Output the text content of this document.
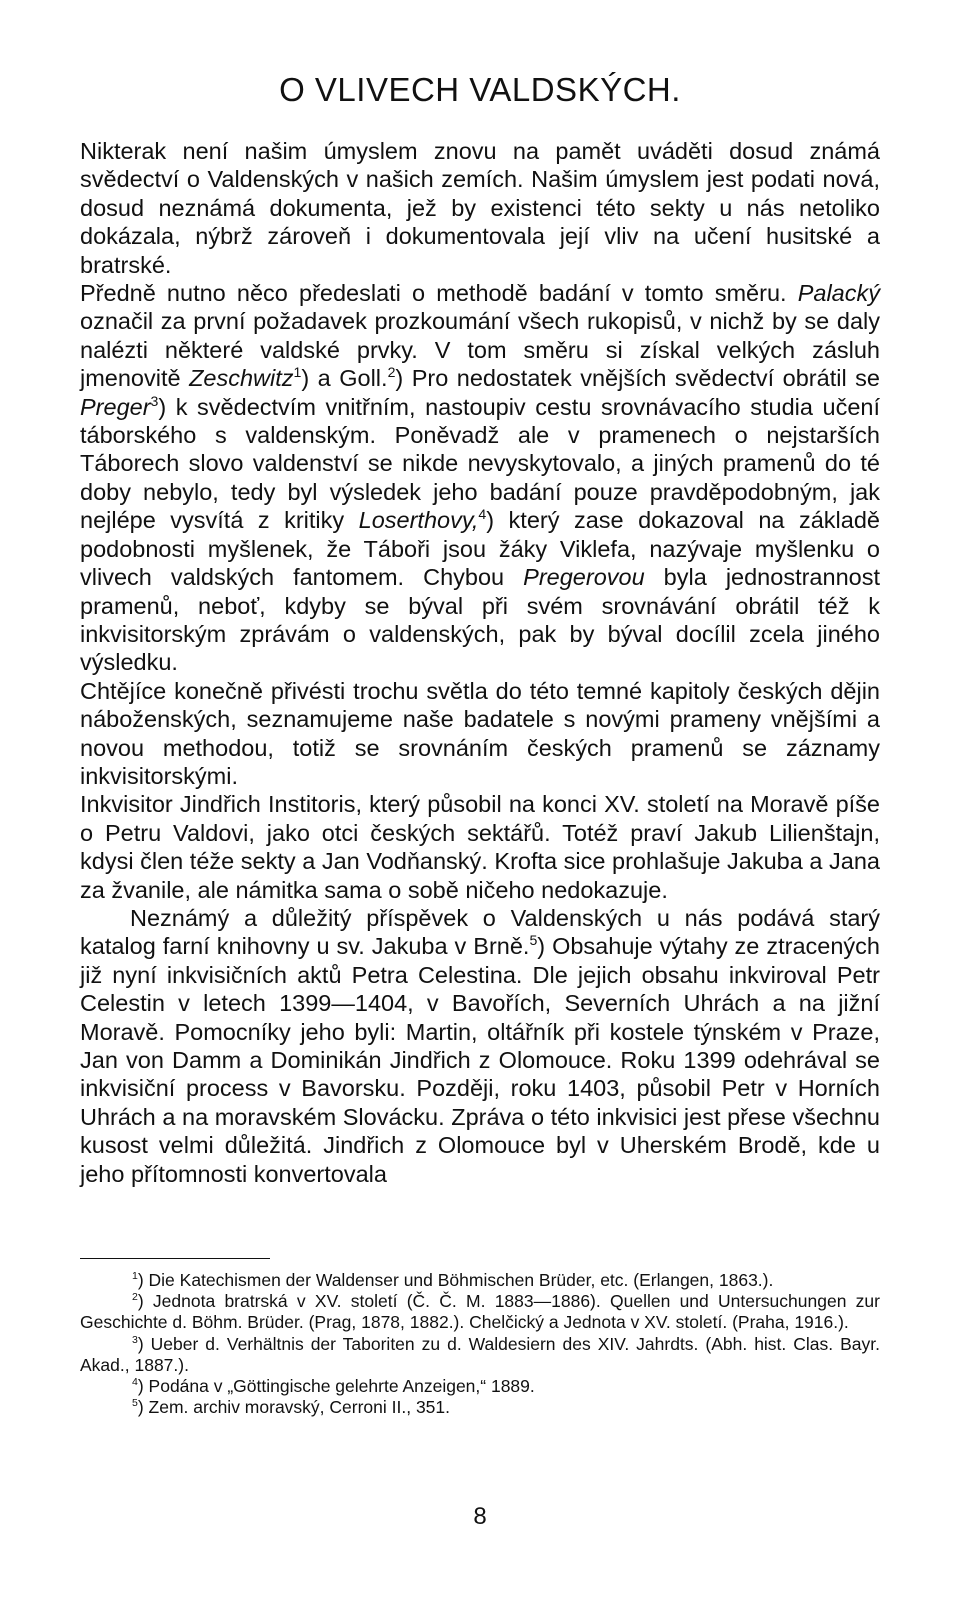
O VLIVECH VALDSKÝCH.

Nikterak není našim úmyslem znovu na pamět uváděti dosud známá svědectví o Valdenských v našich zemích. Našim úmyslem jest podati nová, dosud neznámá dokumenta, jež by existenci této sekty u nás netoliko dokázala, nýbrž zároveň i dokumentovala její vliv na učení husitské a bratrské.

Předně nutno něco předeslati o methodě badání v tomto směru. Palacký označil za první požadavek prozkoumání všech rukopisů, v nichž by se daly nalézti některé valdské prvky. V tom směru si získal velkých zásluh jmenovitě Zeschwitz$^1$) a Goll.$^2$) Pro nedostatek vnějších svědectví obrátil se Preger$^3$) k svědectvím vnitřním, nastoupiv cestu srovnávacího studia učení táborského s valdenským. Poněvadž ale v pramenech o nejstarších Táborech slovo valdenství se nikde nevyskytovalo, a jiných pramenů do té doby nebylo, tedy byl výsledek jeho badání pouze pravděpodobným, jak nejlépe vysvítá z kritiky Loserthovy,$^4$) který zase dokazoval na základě podobnosti myšlenek, že Táboři jsou žáky Viklefa, nazývaje myšlenku o vlivech valdských fantomem. Chybou Pregerovou byla jednostrannost pramenů, neboť, kdyby se býval při svém srovnávání obrátil též k inkvisitorským zprávám o valdenských, pak by býval docílil zcela jiného výsledku.

Chtějíce konečně přivésti trochu světla do této temné kapitoly českých dějin náboženských, seznamujeme naše badatele s novými prameny vnějšími a novou methodou, totiž se srovnáním českých pramenů se záznamy inkvisitorskými.

Inkvisitor Jindřich Institoris, který působil na konci XV. století na Moravě píše o Petru Valdovi, jako otci českých sektářů. Totéž praví Jakub Lilienštajn, kdysi člen téže sekty a Jan Vodňanský. Krofta sice prohlašuje Jakuba a Jana za žvanile, ale námitka sama o sobě ničeho nedokazuje.

Neznámý a důležitý příspěvek o Valdenských u nás podává starý katalog farní knihovny u sv. Jakuba v Brně.$^5$) Obsahuje výtahy ze ztracených již nyní inkvisičních aktů Petra Celestina. Dle jejich obsahu inkviroval Petr Celestin v letech 1399—1404, v Bavořích, Severních Uhrách a na jižní Moravě. Pomocníky jeho byli: Martin, oltářník při kostele týnském v Praze, Jan von Damm a Dominikán Jindřich z Olomouce. Roku 1399 odehrával se inkvisiční process v Bavorsku. Později, roku 1403, působil Petr v Horních Uhrách a na moravském Slovácku. Zpráva o této inkvisici jest přese všechnu kusost velmi důležitá. Jindřich z Olomouce byl v Uherském Brodě, kde u jeho přítomnosti konvertovala

$^1$) Die Katechismen der Waldenser und Böhmischen Brüder, etc. (Erlangen, 1863.).

$^2$) Jednota bratrská v XV. století (Č. Č. M. 1883—1886). Quellen und Untersuchungen zur Geschichte d. Böhm. Brüder. (Prag, 1878, 1882.). Chelčický a Jednota v XV. století. (Praha, 1916.).

$^3$) Ueber d. Verhältnis der Taboriten zu d. Waldesiern des XIV. Jahrdts. (Abh. hist. Clas. Bayr. Akad., 1887.).

$^4$) Podána v „Göttingische gelehrte Anzeigen,“ 1889.

$^5$) Zem. archiv moravský, Cerroni II., 351.

8
